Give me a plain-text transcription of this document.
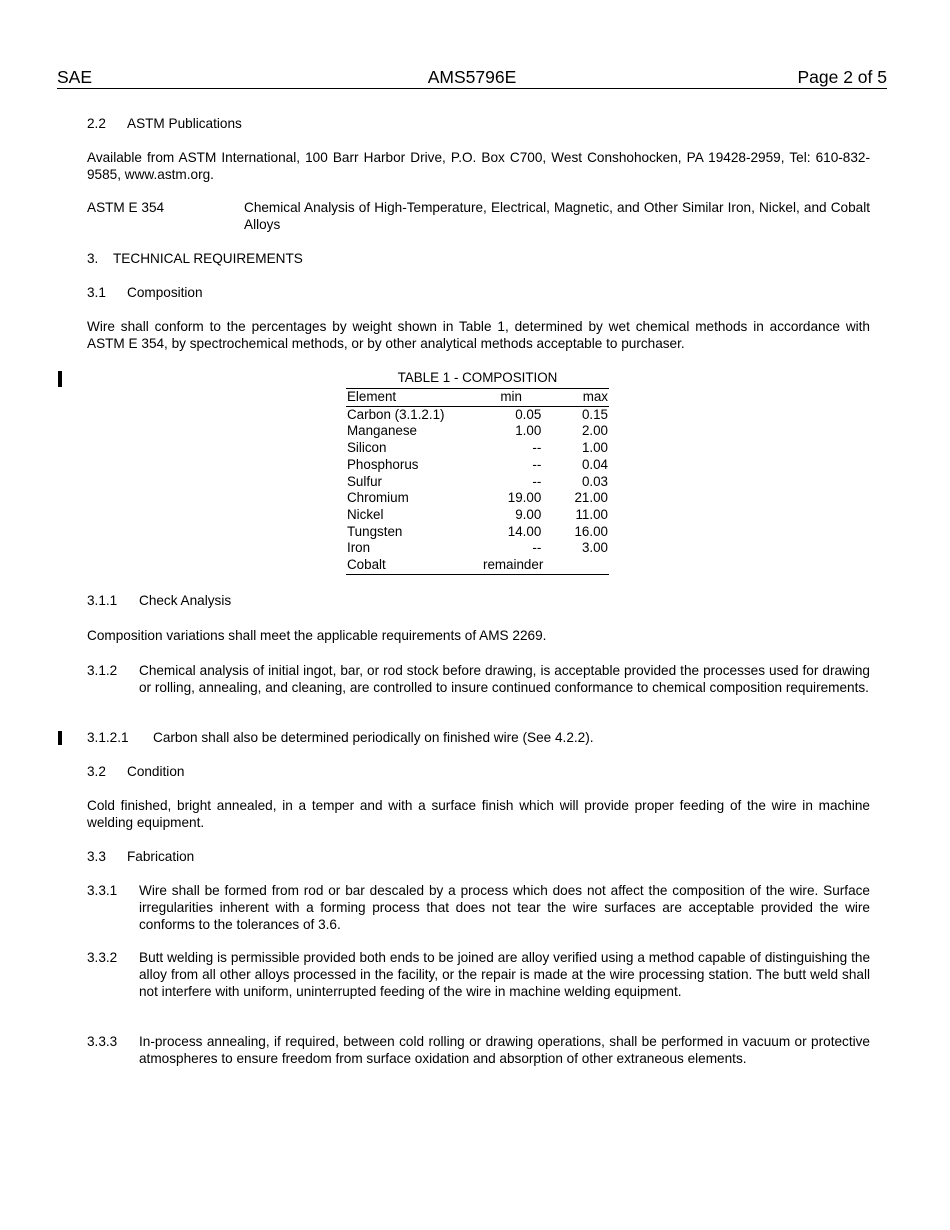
SAE	AMS5796E	Page 2 of 5
2.2 ASTM Publications
Available from ASTM International, 100 Barr Harbor Drive, P.O. Box C700, West Conshohocken, PA 19428-2959, Tel: 610-832-9585, www.astm.org.
ASTM E 354	Chemical Analysis of High-Temperature, Electrical, Magnetic, and Other Similar Iron, Nickel, and Cobalt Alloys
3. TECHNICAL REQUIREMENTS
3.1 Composition
Wire shall conform to the percentages by weight shown in Table 1, determined by wet chemical methods in accordance with ASTM E 354, by spectrochemical methods, or by other analytical methods acceptable to purchaser.
TABLE 1 - COMPOSITION
Element	min	max
Carbon (3.1.2.1)	0.05	0.15
Manganese	1.00	2.00
Silicon	--	1.00
Phosphorus	--	0.04
Sulfur	--	0.03
Chromium	19.00	21.00
Nickel	9.00	11.00
Tungsten	14.00	16.00
Iron	--	3.00
Cobalt	remainder	
3.1.1 Check Analysis
Composition variations shall meet the applicable requirements of AMS 2269.
3.1.2 Chemical analysis of initial ingot, bar, or rod stock before drawing, is acceptable provided the processes used for drawing or rolling, annealing, and cleaning, are controlled to insure continued conformance to chemical composition requirements.
3.1.2.1 Carbon shall also be determined periodically on finished wire (See 4.2.2).
3.2 Condition
Cold finished, bright annealed, in a temper and with a surface finish which will provide proper feeding of the wire in machine welding equipment.
3.3 Fabrication
3.3.1 Wire shall be formed from rod or bar descaled by a process which does not affect the composition of the wire. Surface irregularities inherent with a forming process that does not tear the wire surfaces are acceptable provided the wire conforms to the tolerances of 3.6.
3.3.2 Butt welding is permissible provided both ends to be joined are alloy verified using a method capable of distinguishing the alloy from all other alloys processed in the facility, or the repair is made at the wire processing station. The butt weld shall not interfere with uniform, uninterrupted feeding of the wire in machine welding equipment.
3.3.3 In-process annealing, if required, between cold rolling or drawing operations, shall be performed in vacuum or protective atmospheres to ensure freedom from surface oxidation and absorption of other extraneous elements.
